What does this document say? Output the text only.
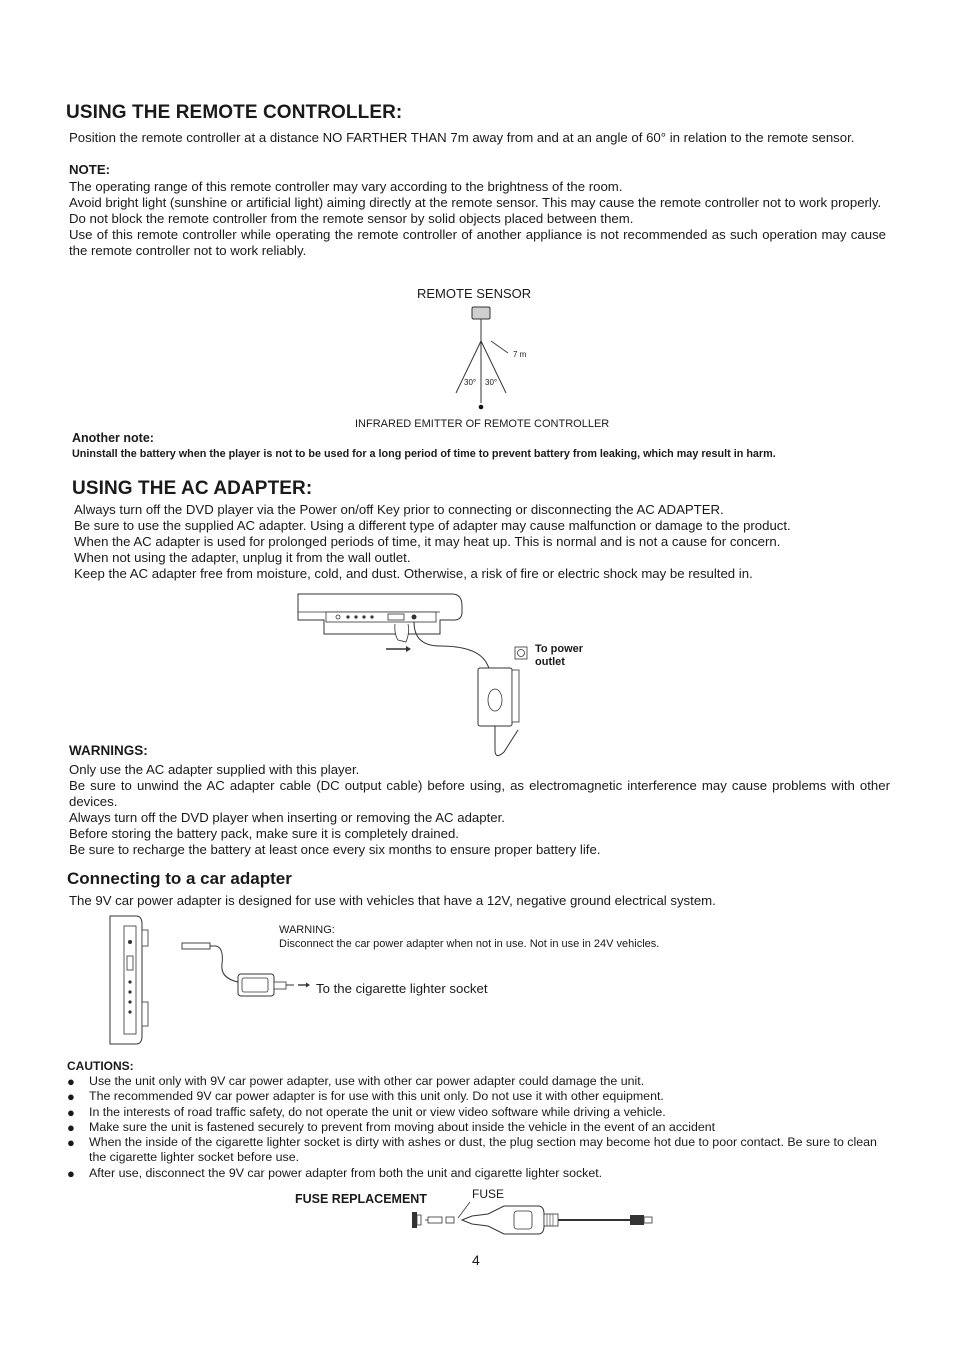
USING THE REMOTE CONTROLLER:
Position the remote controller at a distance NO FARTHER THAN 7m away from and at an angle of 60° in relation to the remote sensor.
NOTE:
The operating range of this remote controller may vary according to the brightness of the room.
Avoid bright light (sunshine or artificial light) aiming directly at the remote sensor. This may cause the remote controller not to work properly.
Do not block the remote controller from the remote sensor by solid objects placed between them.
Use of this remote controller while operating the remote controller of another appliance is not recommended as such operation may cause the remote controller not to work reliably.
REMOTE SENSOR
7 m
30° 30°
INFRARED EMITTER OF REMOTE CONTROLLER
Another note:
Uninstall the battery when the player is not to be used for a long period of time to prevent battery from leaking, which may result in harm.
USING THE AC ADAPTER:
Always turn off the DVD player via the Power on/off Key prior to connecting or disconnecting the AC ADAPTER.
Be sure to use the supplied AC adapter. Using a different type of adapter may cause malfunction or damage to the product.
When the AC adapter is used for prolonged periods of time, it may heat up. This is normal and is not a cause for concern.
When not using the adapter, unplug it from the wall outlet.
Keep the AC adapter free from moisture, cold, and dust. Otherwise, a risk of fire or electric shock may be resulted in.
To power
outlet
WARNINGS:
Only use the AC adapter supplied with this player.
Be sure to unwind the AC adapter cable (DC output cable) before using, as electromagnetic interference may cause problems with other devices.
Always turn off the DVD player when inserting or removing the AC adapter.
Before storing the battery pack, make sure it is completely drained.
Be sure to recharge the battery at least once every six months to ensure proper battery life.
Connecting to a car adapter
The 9V car power adapter is designed for use with vehicles that have a 12V, negative ground electrical system.
WARNING:
Disconnect the car power adapter when not in use. Not in use in 24V vehicles.
To the cigarette lighter socket
CAUTIONS:
● Use the unit only with 9V car power adapter, use with other car power adapter could damage the unit.
● The recommended 9V car power adapter is for use with this unit only. Do not use it with other equipment.
● In the interests of road traffic safety, do not operate the unit or view video software while driving a vehicle.
● Make sure the unit is fastened securely to prevent from moving about inside the vehicle in the event of an accident
● When the inside of the cigarette lighter socket is dirty with ashes or dust, the plug section may become hot due to poor contact. Be sure to clean the cigarette lighter socket before use.
● After use, disconnect the 9V car power adapter from both the unit and cigarette lighter socket.
FUSE REPLACEMENT	FUSE
4
